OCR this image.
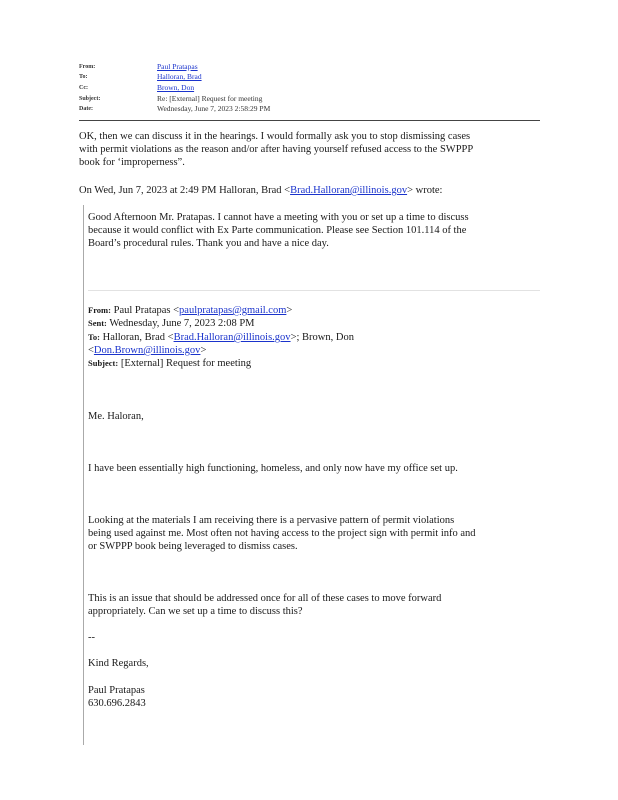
From:	Paul Pratapas
To:	Halloran, Brad
Cc:	Brown, Don
Subject:	Re: [External] Request for meeting
Date:	Wednesday, June 7, 2023 2:58:29 PM
OK, then we can discuss it in the hearings. I would formally ask you to stop dismissing cases
with permit violations as the reason and/or after having yourself refused access to the SWPPP
book for ‘improperness”.
On Wed, Jun 7, 2023 at 2:49 PM Halloran, Brad <Brad.Halloran@illinois.gov> wrote:
Good Afternoon Mr. Pratapas. I cannot have a meeting with you or set up a time to discuss
because it would conflict with Ex Parte communication. Please see Section 101.114 of the
Board’s procedural rules. Thank you and have a nice day.
From: Paul Pratapas <paulpratapas@gmail.com>
Sent: Wednesday, June 7, 2023 2:08 PM
To: Halloran, Brad <Brad.Halloran@illinois.gov>; Brown, Don
<Don.Brown@illinois.gov>
Subject: [External] Request for meeting
Me. Haloran,
I have been essentially high functioning, homeless, and only now have my office set up.
Looking at the materials I am receiving there is a pervasive pattern of permit violations
being used against me. Most often not having access to the project sign with permit info and
or SWPPP book being leveraged to dismiss cases.
This is an issue that should be addressed once for all of these cases to move forward
appropriately. Can we set up a time to discuss this?
--
Kind Regards,
Paul Pratapas
630.696.2843
